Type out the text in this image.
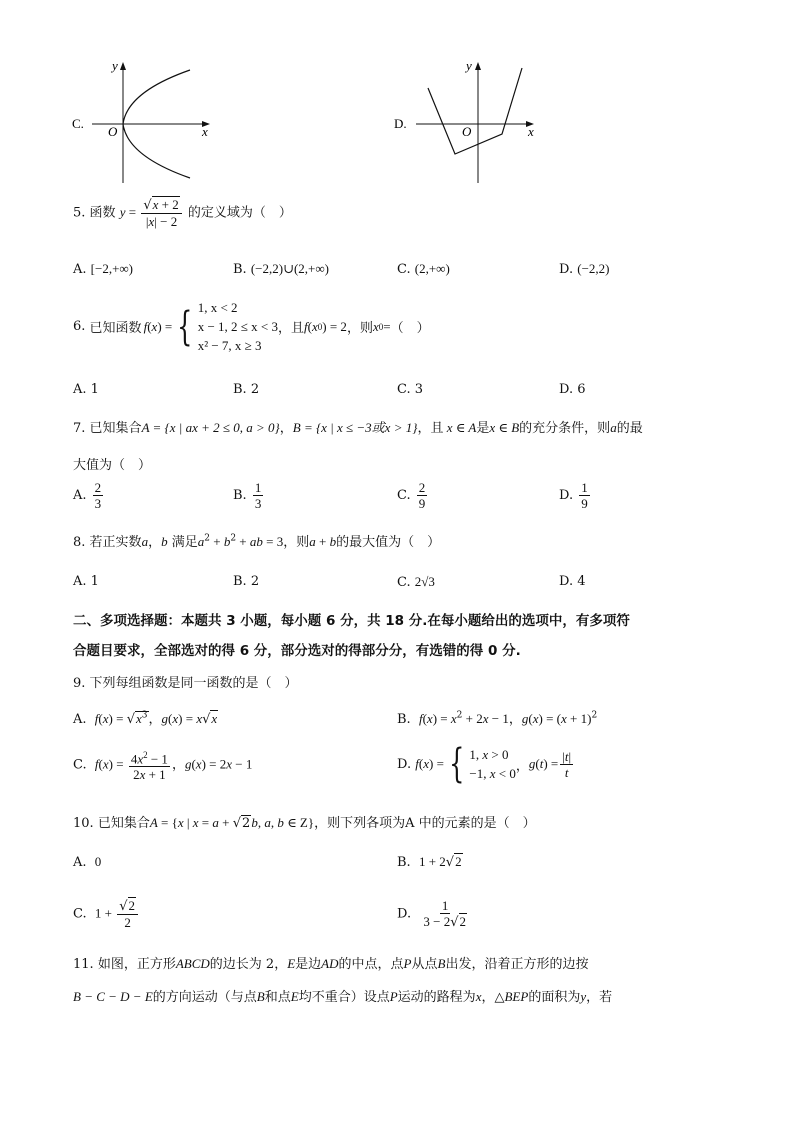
C.
x
y
O
D.
x
y
O
5. 函数 $y = \frac{√x + 2}{|x| - 2}$ 的定义域为（　）
A. [−2,+∞)	B. (−2,2)∪(2,+∞)	C. (2,+∞)	D. (−2,2)
6.
已知函数 f ( x ) = { 1, x < 2
x − 1, 2 ≤ x < 3
x² − 7, x ≥ 3
，且 f ( x 0 ) = 2 ，则 x 0 = （　）
A. 1	B. 2	C. 3	D. 6
7. 已知集合A = {x | ax + 2 ≤ 0, a > 0}，B = {x | x ≤ −3或x > 1}，且 x ∈ A是x ∈ B的充分条件，则a的最
大值为（　）
A. $\frac{2}{3}$	B. $\frac{1}{3}$	C. $\frac{2}{9}$	D. $\frac{1}{9}$
8. 若正实数a，b 满足$a^2 + b^2$ + ab = 3，则a + b的最大值为（　）
A. 1	B. 2	C. 2√3	D. 4
二、多项选择题：本题共 3 小题，每小题 6 分，共 18 分.在每小题给出的选项中，有多项符
合题目要求，全部选对的得 6 分，部分选对的得部分分，有选错的得 0 分.
9. 下列每组函数是同一函数的是（　）
A. $f(x) = √x^3$，g(x) = x√x	B. $f(x) = x^2 + 2x - 1$，$g(x) = (x + 1)^2$
C. $f(x) = \frac{4x^2 - 1}{2x + 1}$ ，g(x) = 2x − 1	D.
f ( x ) = { 1, x > 0
−1, x < 0 ， g ( t ) = $\frac{|t|}{t}$
10. 已知集合A = {x | x = a + √2b, a, b ∈ Z}，则下列各项为A 中的元素的是（　）
A. 0	B. 1 + 2√2
C. $1 + \frac{√2}{2}$	D. $\frac{1}{3 - 2√2}$
11. 如图，正方形ABCD的边长为 2，E是边AD的中点，点P从点B出发，沿着正方形的边按
B − C − D − E的方向运动（与点B和点E均不重合）设点P运动的路程为x，△BEP的面积为y，若
